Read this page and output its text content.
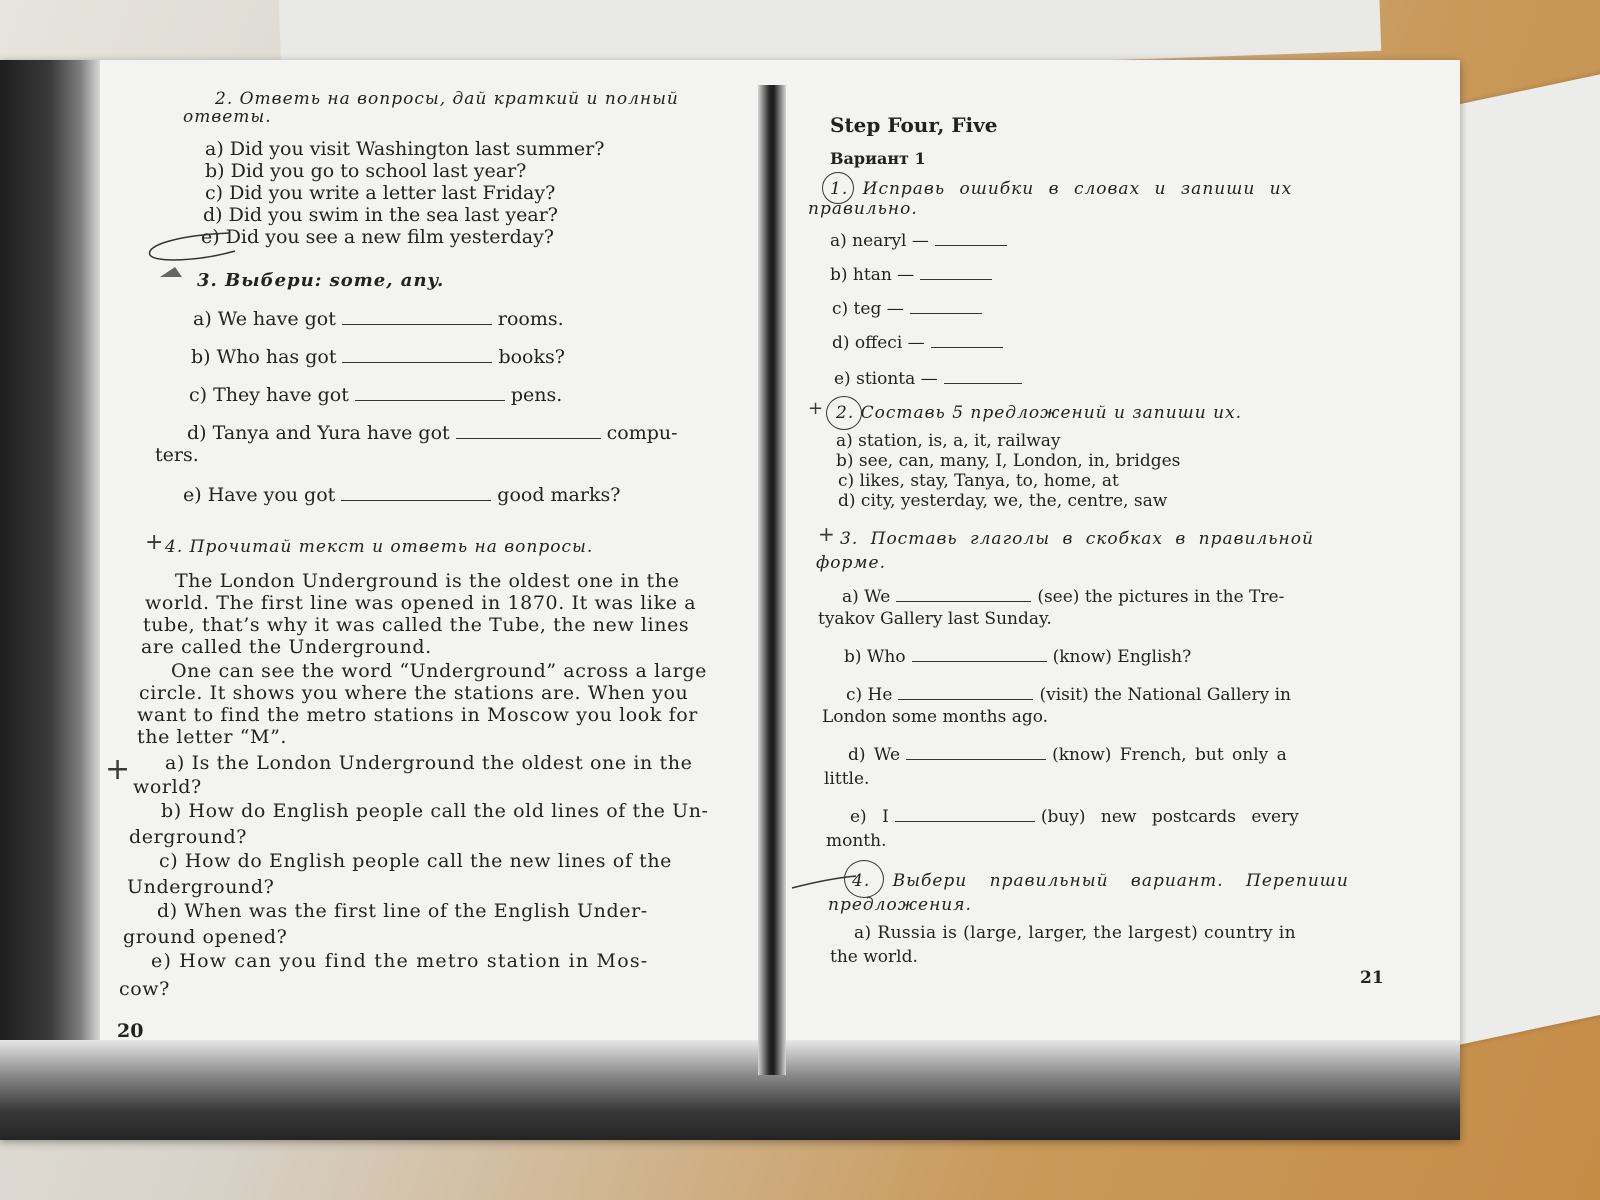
2. Ответь на вопросы, дай краткий и полный
ответы.
a) Did you visit Washington last summer?
b) Did you go to school last year?
c) Did you write a letter last Friday?
d) Did you swim in the sea last year?
e) Did you see a new film yesterday?
3. Выбери: some, any.
a) We have got	rooms.
b) Who has got	books?
c) They have got	pens.
d) Tanya and Yura have got	compu-
ters.
e) Have you got	good marks?
4. Прочитай текст и ответь на вопросы.
The London Underground is the oldest one in the
world. The first line was opened in 1870. It was like a
tube, that’s why it was called the Tube, the new lines
are called the Underground.
One can see the word “Underground” across a large
circle. It shows you where the stations are. When you
want to find the metro stations in Moscow you look for
the letter “M”.
a) Is the London Underground the oldest one in the
world?
b) How do English people call the old lines of the Un-
derground?
c) How do English people call the new lines of the
Underground?
d) When was the first line of the English Under-
ground opened?
e) How can you find the metro station in Mos-
cow?
20
+
+
Step Four, Five
Вариант 1
1. Исправь ошибки в словах и запиши их
правильно.
a) nearyl —
b) htan —
c) teg —
d) offeci —
e) stionta —
2. Составь 5 предложений и запиши их.
+
a) station, is, a, it, railway
b) see, can, many, I, London, in, bridges
c) likes, stay, Tanya, to, home, at
d) city, yesterday, we, the, centre, saw
+ 3. Поставь глаголы в скобках в правильной
форме.
a) We	(see) the pictures in the Tre-
tyakov Gallery last Sunday.
b) Who	(know) English?
c) He	(visit) the National Gallery in
London some months ago.
d) We	(know) French, but only a
little.
e) I	(buy) new postcards every
month.
4. Выбери правильный вариант. Перепиши
предложения.
a) Russia is (large, larger, the largest) country in
the world.
21
